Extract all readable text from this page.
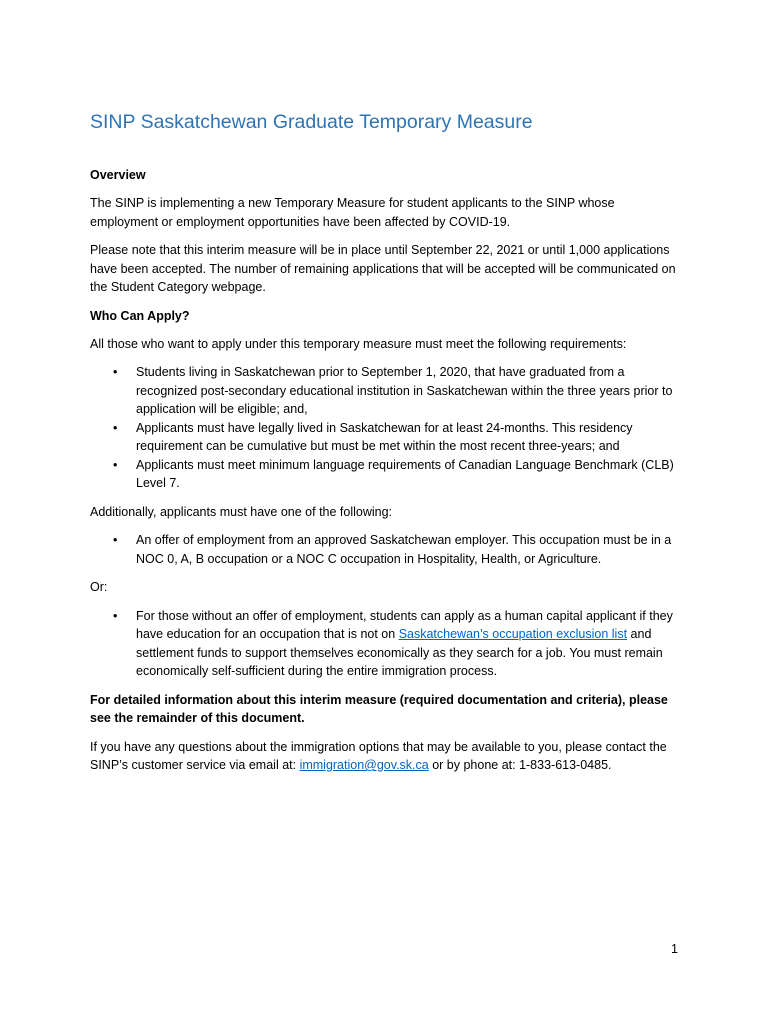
SINP Saskatchewan Graduate Temporary Measure
Overview

The SINP is implementing a new Temporary Measure for student applicants to the SINP whose employment or employment opportunities have been affected by COVID-19.

Please note that this interim measure will be in place until September 22, 2021 or until 1,000 applications have been accepted. The number of remaining applications that will be accepted will be communicated on the Student Category webpage.

Who Can Apply?

All those who want to apply under this temporary measure must meet the following requirements:

• Students living in Saskatchewan prior to September 1, 2020, that have graduated from a recognized post-secondary educational institution in Saskatchewan within the three years prior to application will be eligible; and,
• Applicants must have legally lived in Saskatchewan for at least 24-months. This residency requirement can be cumulative but must be met within the most recent three-years; and
• Applicants must meet minimum language requirements of Canadian Language Benchmark (CLB) Level 7.

Additionally, applicants must have one of the following:

• An offer of employment from an approved Saskatchewan employer. This occupation must be in a NOC 0, A, B occupation or a NOC C occupation in Hospitality, Health, or Agriculture.

Or:

• For those without an offer of employment, students can apply as a human capital applicant if they have education for an occupation that is not on Saskatchewan’s occupation exclusion list and settlement funds to support themselves economically as they search for a job. You must remain economically self-sufficient during the entire immigration process.

For detailed information about this interim measure (required documentation and criteria), please see the remainder of this document.

If you have any questions about the immigration options that may be available to you, please contact the SINP’s customer service via email at: immigration@gov.sk.ca or by phone at: 1-833-613-0485.

1
